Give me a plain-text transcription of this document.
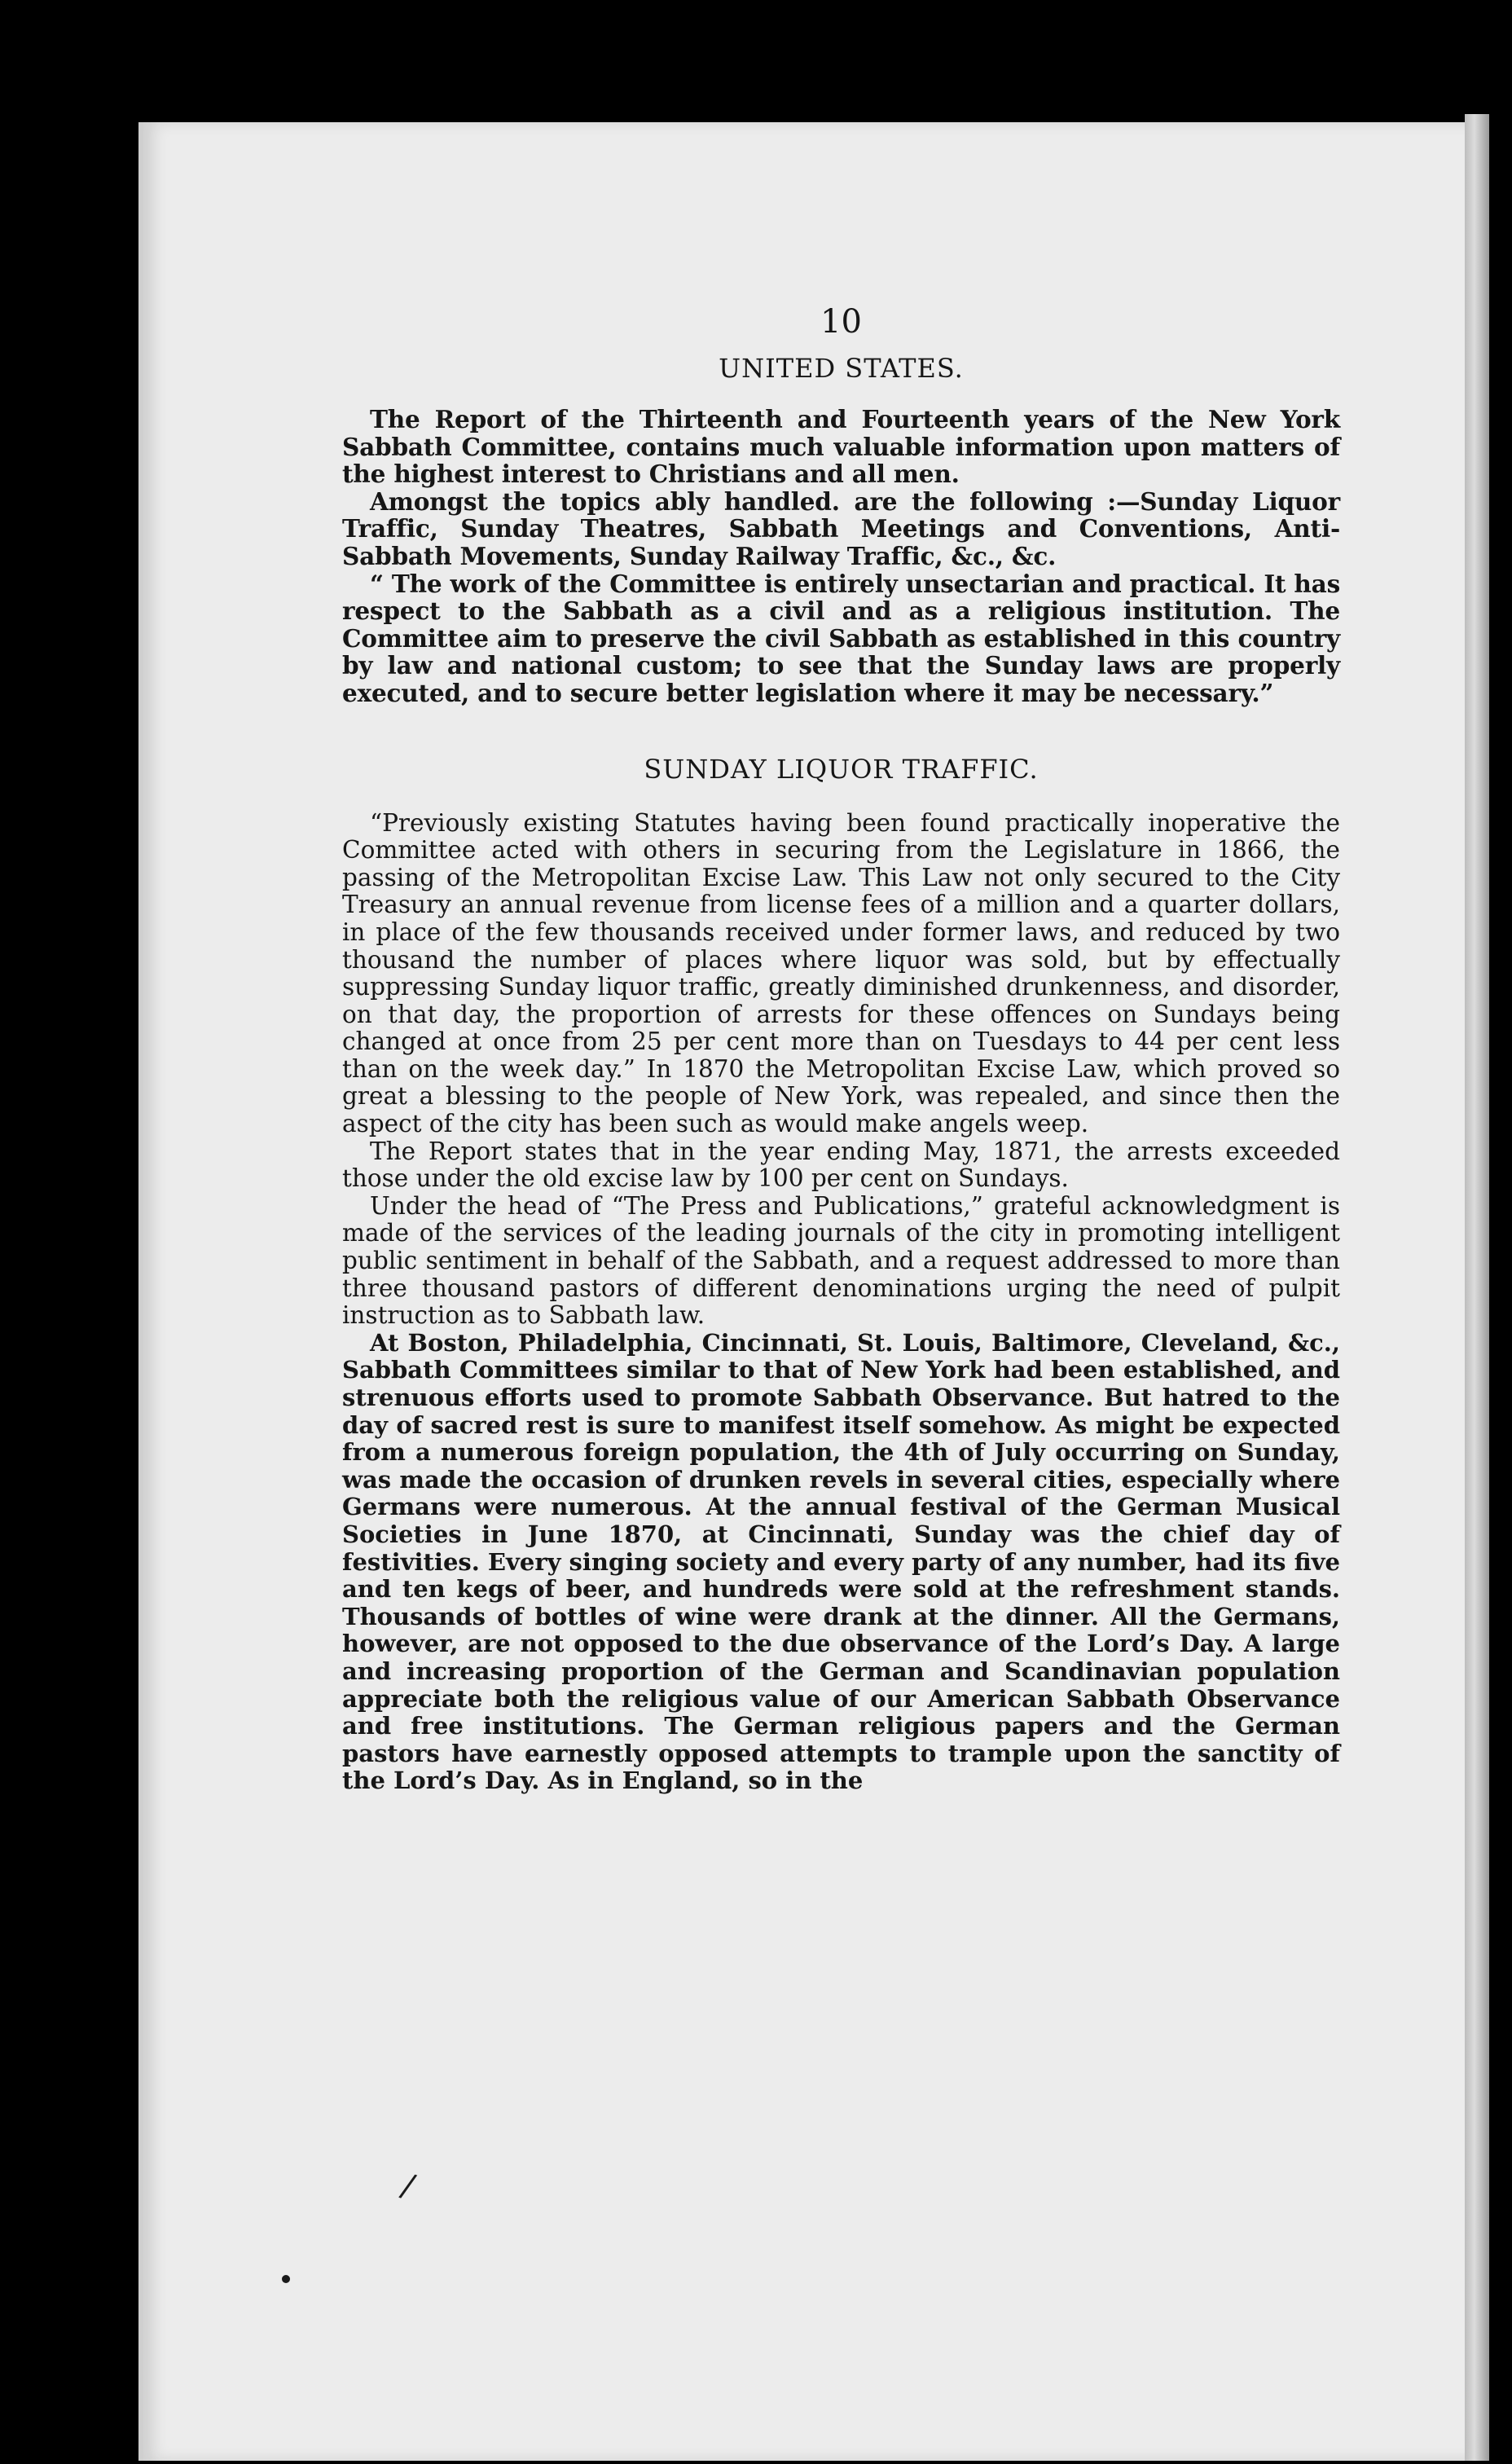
10
UNITED STATES.

The Report of the Thirteenth and Fourteenth years of the New York Sabbath Committee, contains much valuable information upon matters of the highest interest to Christians and all men.

Amongst the topics ably handled. are the following :—Sunday Liquor Traffic, Sunday Theatres, Sabbath Meetings and Conventions, Anti-Sabbath Movements, Sunday Railway Traffic, &c., &c.

“ The work of the Committee is entirely unsectarian and practical. It has respect to the Sabbath as a civil and as a religious institution. The Committee aim to preserve the civil Sabbath as established in this country by law and national custom; to see that the Sunday laws are properly executed, and to secure better legislation where it may be necessary.”

SUNDAY LIQUOR TRAFFIC.

“Previously existing Statutes having been found practically inoperative the Committee acted with others in securing from the Legislature in 1866, the passing of the Metropolitan Excise Law. This Law not only secured to the City Treasury an annual revenue from license fees of a million and a quarter dollars, in place of the few thousands received under former laws, and reduced by two thousand the number of places where liquor was sold, but by effectually suppressing Sunday liquor traffic, greatly diminished drunkenness, and disorder, on that day, the proportion of arrests for these offences on Sundays being changed at once from 25 per cent more than on Tuesdays to 44 per cent less than on the week day.” In 1870 the Metropolitan Excise Law, which proved so great a blessing to the people of New York, was repealed, and since then the aspect of the city has been such as would make angels weep.

The Report states that in the year ending May, 1871, the arrests exceeded those under the old excise law by 100 per cent on Sundays.

Under the head of “The Press and Publications,” grateful acknowledgment is made of the services of the leading journals of the city in promoting intelligent public sentiment in behalf of the Sabbath, and a request addressed to more than three thousand pastors of different denominations urging the need of pulpit instruction as to Sabbath law.

At Boston, Philadelphia, Cincinnati, St. Louis, Baltimore, Cleveland, &c., Sabbath Committees similar to that of New York had been established, and strenuous efforts used to promote Sabbath Observance. But hatred to the day of sacred rest is sure to manifest itself somehow. As might be expected from a numerous foreign population, the 4th of July occurring on Sunday, was made the occasion of drunken revels in several cities, especially where Germans were numerous. At the annual festival of the German Musical Societies in June 1870, at Cincinnati, Sunday was the chief day of festivities. Every singing society and every party of any number, had its five and ten kegs of beer, and hundreds were sold at the refreshment stands. Thousands of bottles of wine were drank at the dinner. All the Germans, however, are not opposed to the due observance of the Lord’s Day. A large and increasing proportion of the German and Scandinavian population appreciate both the religious value of our American Sabbath Observance and free institutions. The German religious papers and the German pastors have earnestly opposed attempts to trample upon the sanctity of the Lord’s Day. As in England, so in the

/
